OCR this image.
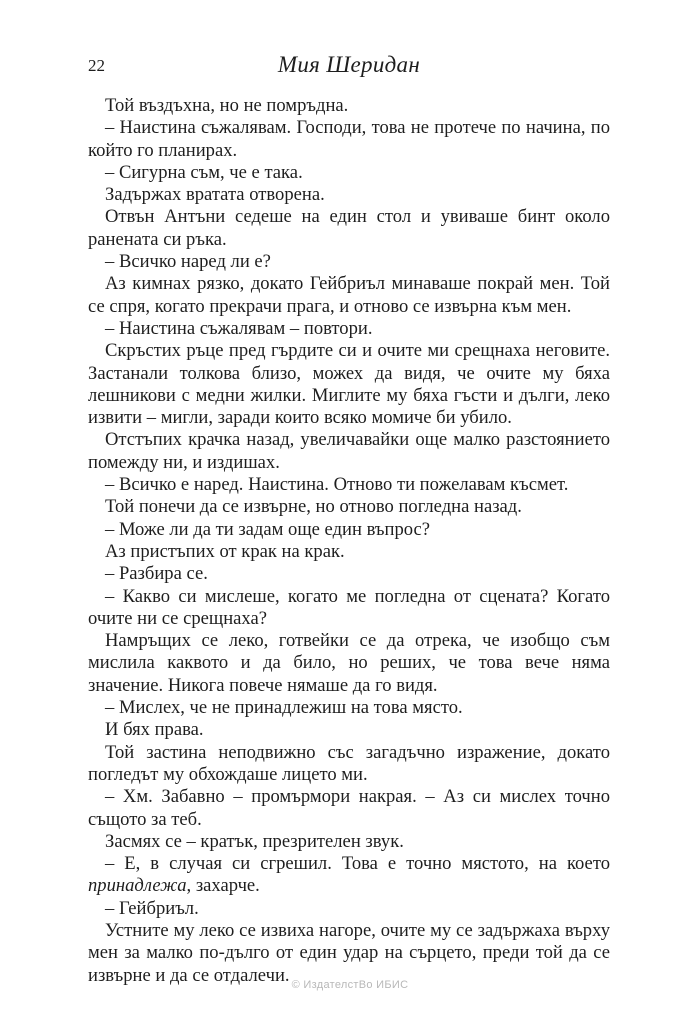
22	Мия Шеридан

Той въздъхна, но не помръдна.

– Наистина съжалявам. Господи, това не протече по начина, по който го планирах.

– Сигурна съм, че е така.

Задържах вратата отворена.

Отвън Антъни седеше на един стол и увиваше бинт около раненaта си ръка.

– Всичко наред ли е?

Аз кимнах рязко, докато Гейбриъл минаваше покрай мен. Той се спря, когато прекрачи прага, и отново се извърна към мен.

– Наистина съжалявам – повтори.

Скръстих ръце пред гърдите си и очите ми срещнаха неговите. Застанали толкова близо, можех да видя, че очите му бяха лешникови с медни жилки. Миглите му бяха гъсти и дълги, леко извити – мигли, заради които всяко момиче би убило.

Отстъпих крачка назад, увеличавайки още малко разстоянието помежду ни, и издишах.

– Всичко е наред. Наистина. Отново ти пожелавам късмет.

Той понечи да се извърне, но отново погледна назад.

– Може ли да ти задам още един въпрос?

Аз пристъпих от крак на крак.

– Разбира се.

– Какво си мислеше, когато ме погледна от сцената? Когато очите ни се срещнаха?

Намръщих се леко, готвейки се да отрека, че изобщо съм мислила каквото и да било, но реших, че това вече няма значение. Никога повече нямаше да го видя.

– Мислех, че не принадлежиш на това място.

И бях права.

Той застина неподвижно със загадъчно изражение, докато погледът му обхождаше лицето ми.

– Хм. Забавно – промърмори накрая. – Аз си мислех точно същото за теб.

Засмях се – кратък, презрителен звук.

– Е, в случая си сгрешил. Това е точно мястото, на което принадлежа, захарче.

– Гейбриъл.

Устните му леко се извиха нагоре, очите му се задържаха върху мен за малко по-дълго от един удар на сърцето, преди той да се извърне и да се отдалечи. © ИздателстВо ИБИС
